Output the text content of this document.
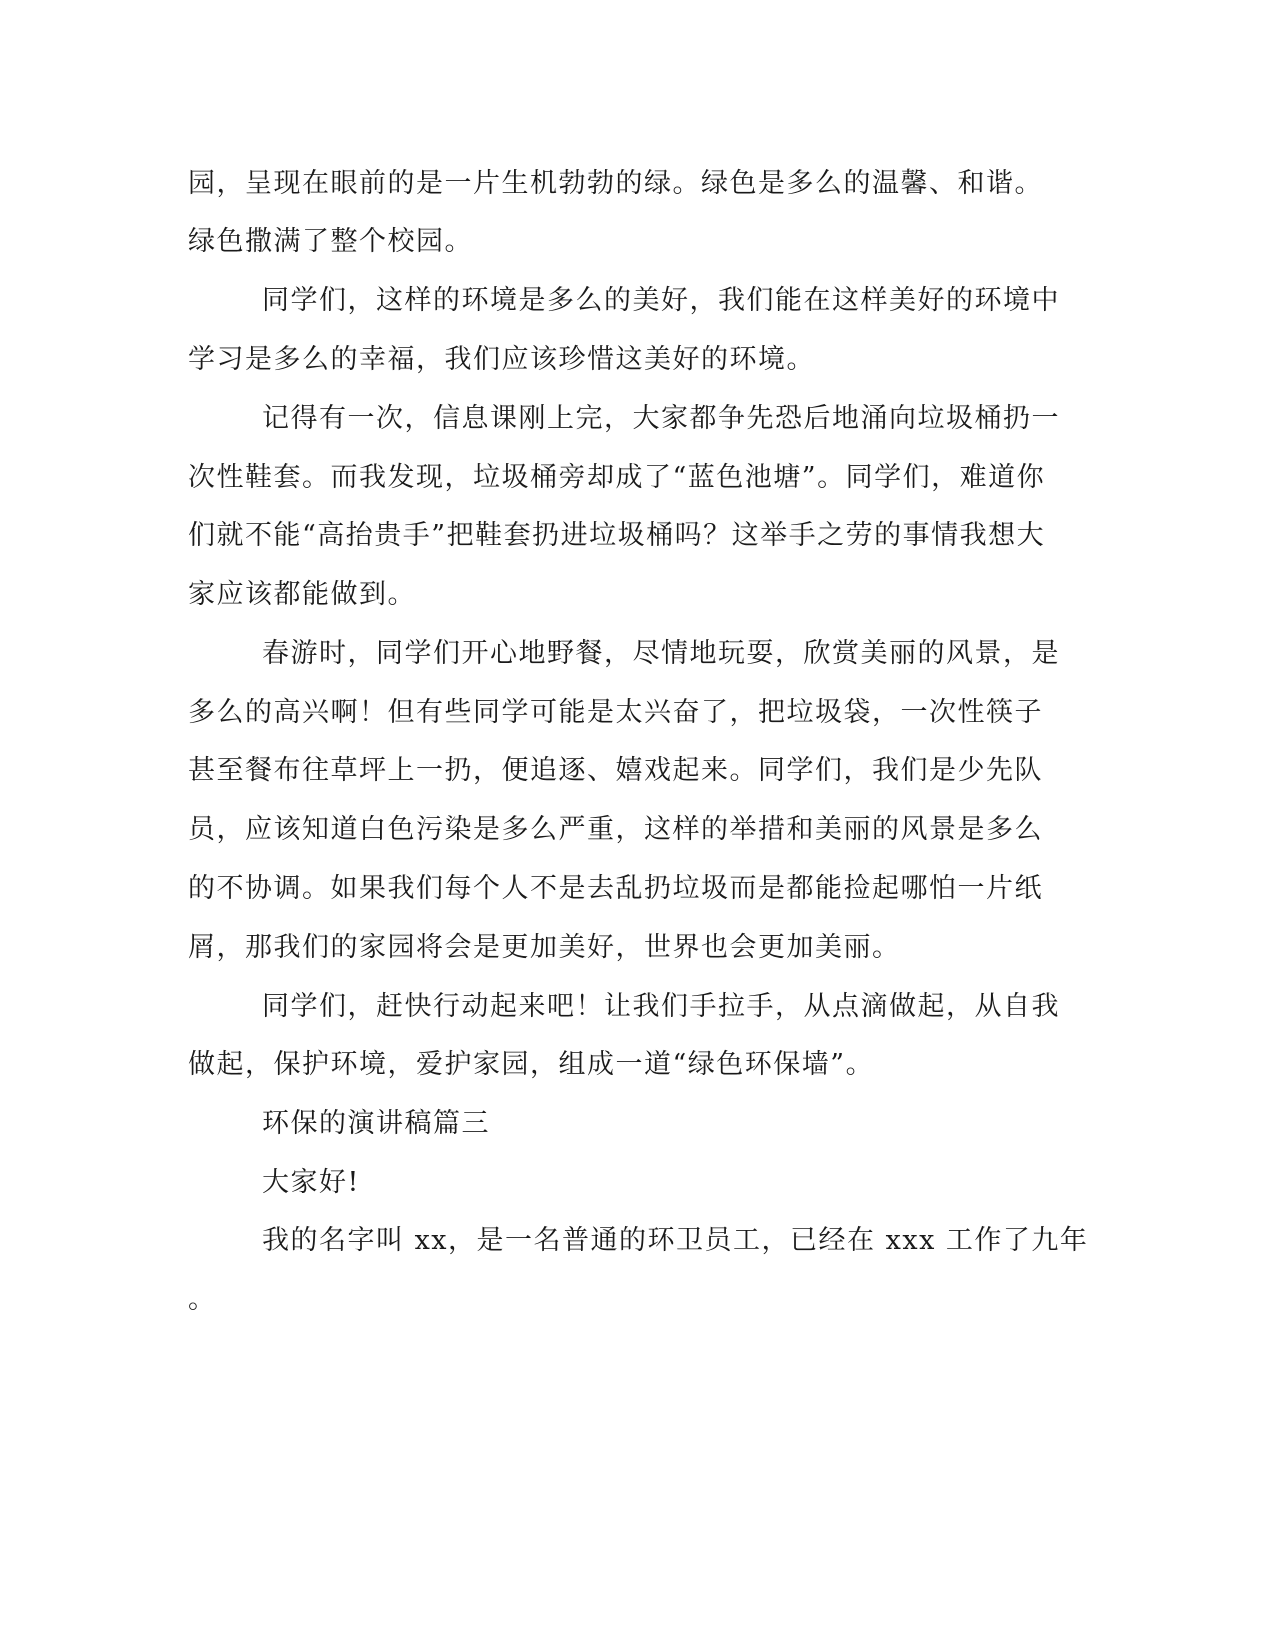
园，呈现在眼前的是一片生机勃勃的绿。绿色是多么的温馨、和谐。
绿色撒满了整个校园。
同学们，这样的环境是多么的美好，我们能在这样美好的环境中
学习是多么的幸福，我们应该珍惜这美好的环境。
记得有一次，信息课刚上完，大家都争先恐后地涌向垃圾桶扔一
次性鞋套。而我发现，垃圾桶旁却成了“蓝色池塘”。同学们，难道你
们就不能“高抬贵手”把鞋套扔进垃圾桶吗？这举手之劳的事情我想大
家应该都能做到。
春游时，同学们开心地野餐，尽情地玩耍，欣赏美丽的风景，是
多么的高兴啊！但有些同学可能是太兴奋了，把垃圾袋，一次性筷子
甚至餐布往草坪上一扔，便追逐、嬉戏起来。同学们，我们是少先队
员，应该知道白色污染是多么严重，这样的举措和美丽的风景是多么
的不协调。如果我们每个人不是去乱扔垃圾而是都能捡起哪怕一片纸
屑，那我们的家园将会是更加美好，世界也会更加美丽。
同学们，赶快行动起来吧！让我们手拉手，从点滴做起，从自我
做起，保护环境，爱护家园，组成一道“绿色环保墙”。
环保的演讲稿篇三
大家好!
我的名字叫 xx，是一名普通的环卫员工，已经在 xxx 工作了九年
。
